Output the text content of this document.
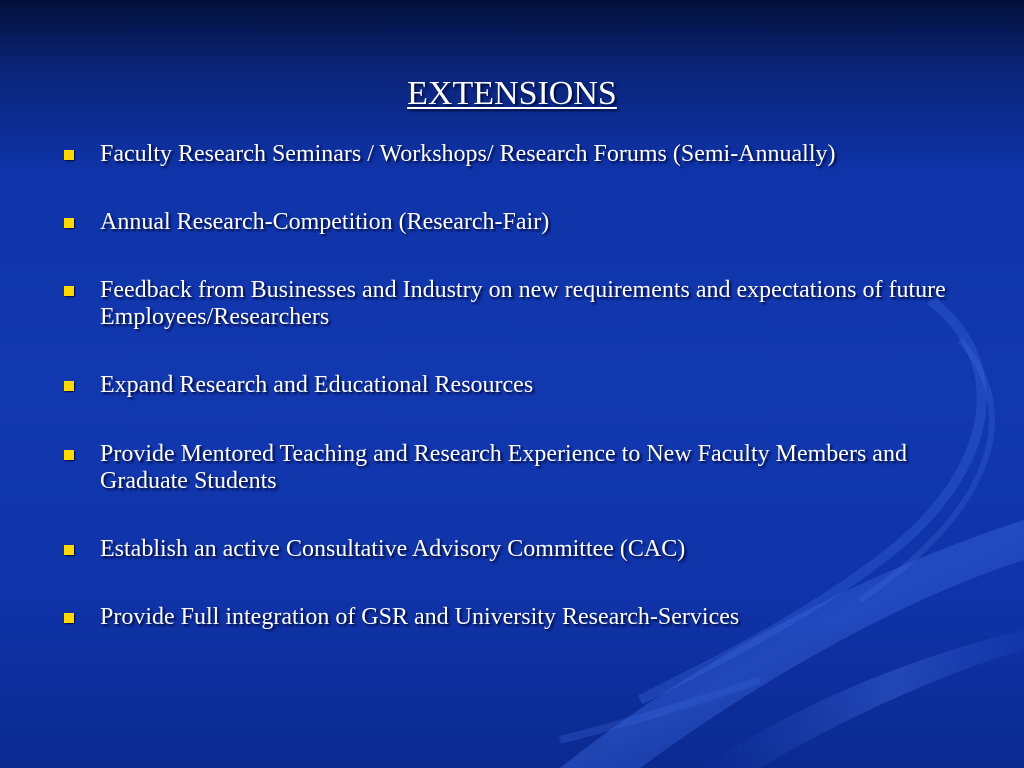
EXTENSIONS
Faculty Research Seminars / Workshops/ Research Forums (Semi-Annually)
Annual Research-Competition (Research-Fair)
Feedback from Businesses and Industry on new requirements and expectations of future Employees/Researchers
Expand Research and Educational Resources
Provide Mentored Teaching and Research Experience to New Faculty Members and Graduate Students
Establish an active Consultative Advisory Committee (CAC)
Provide Full integration of GSR and University Research-Services
